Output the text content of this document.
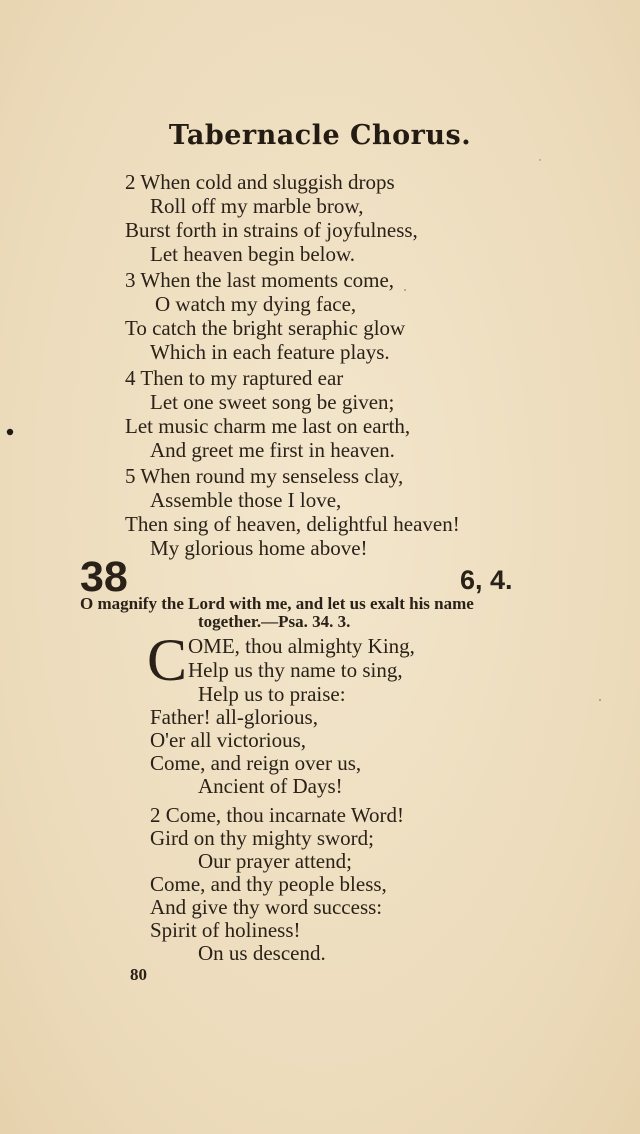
Tabernacle Chorus.
2 When cold and sluggish drops
Roll off my marble brow,
Burst forth in strains of joyfulness,
Let heaven begin below.
3 When the last moments come,
O watch my dying face,
To catch the bright seraphic glow
Which in each feature plays.
4 Then to my raptured ear
Let one sweet song be given;
Let music charm me last on earth,
And greet me first in heaven.
5 When round my senseless clay,
Assemble those I love,
Then sing of heaven, delightful heaven!
My glorious home above!
38	6, 4.
O magnify the Lord with me, and let us exalt his name
together.—Psa. 34. 3.
C OME, thou almighty King,
Help us thy name to sing,
Help us to praise:
Father! all-glorious,
O'er all victorious,
Come, and reign over us,
Ancient of Days!
2 Come, thou incarnate Word!
Gird on thy mighty sword;
Our prayer attend;
Come, and thy people bless,
And give thy word success:
Spirit of holiness!
On us descend.
80
